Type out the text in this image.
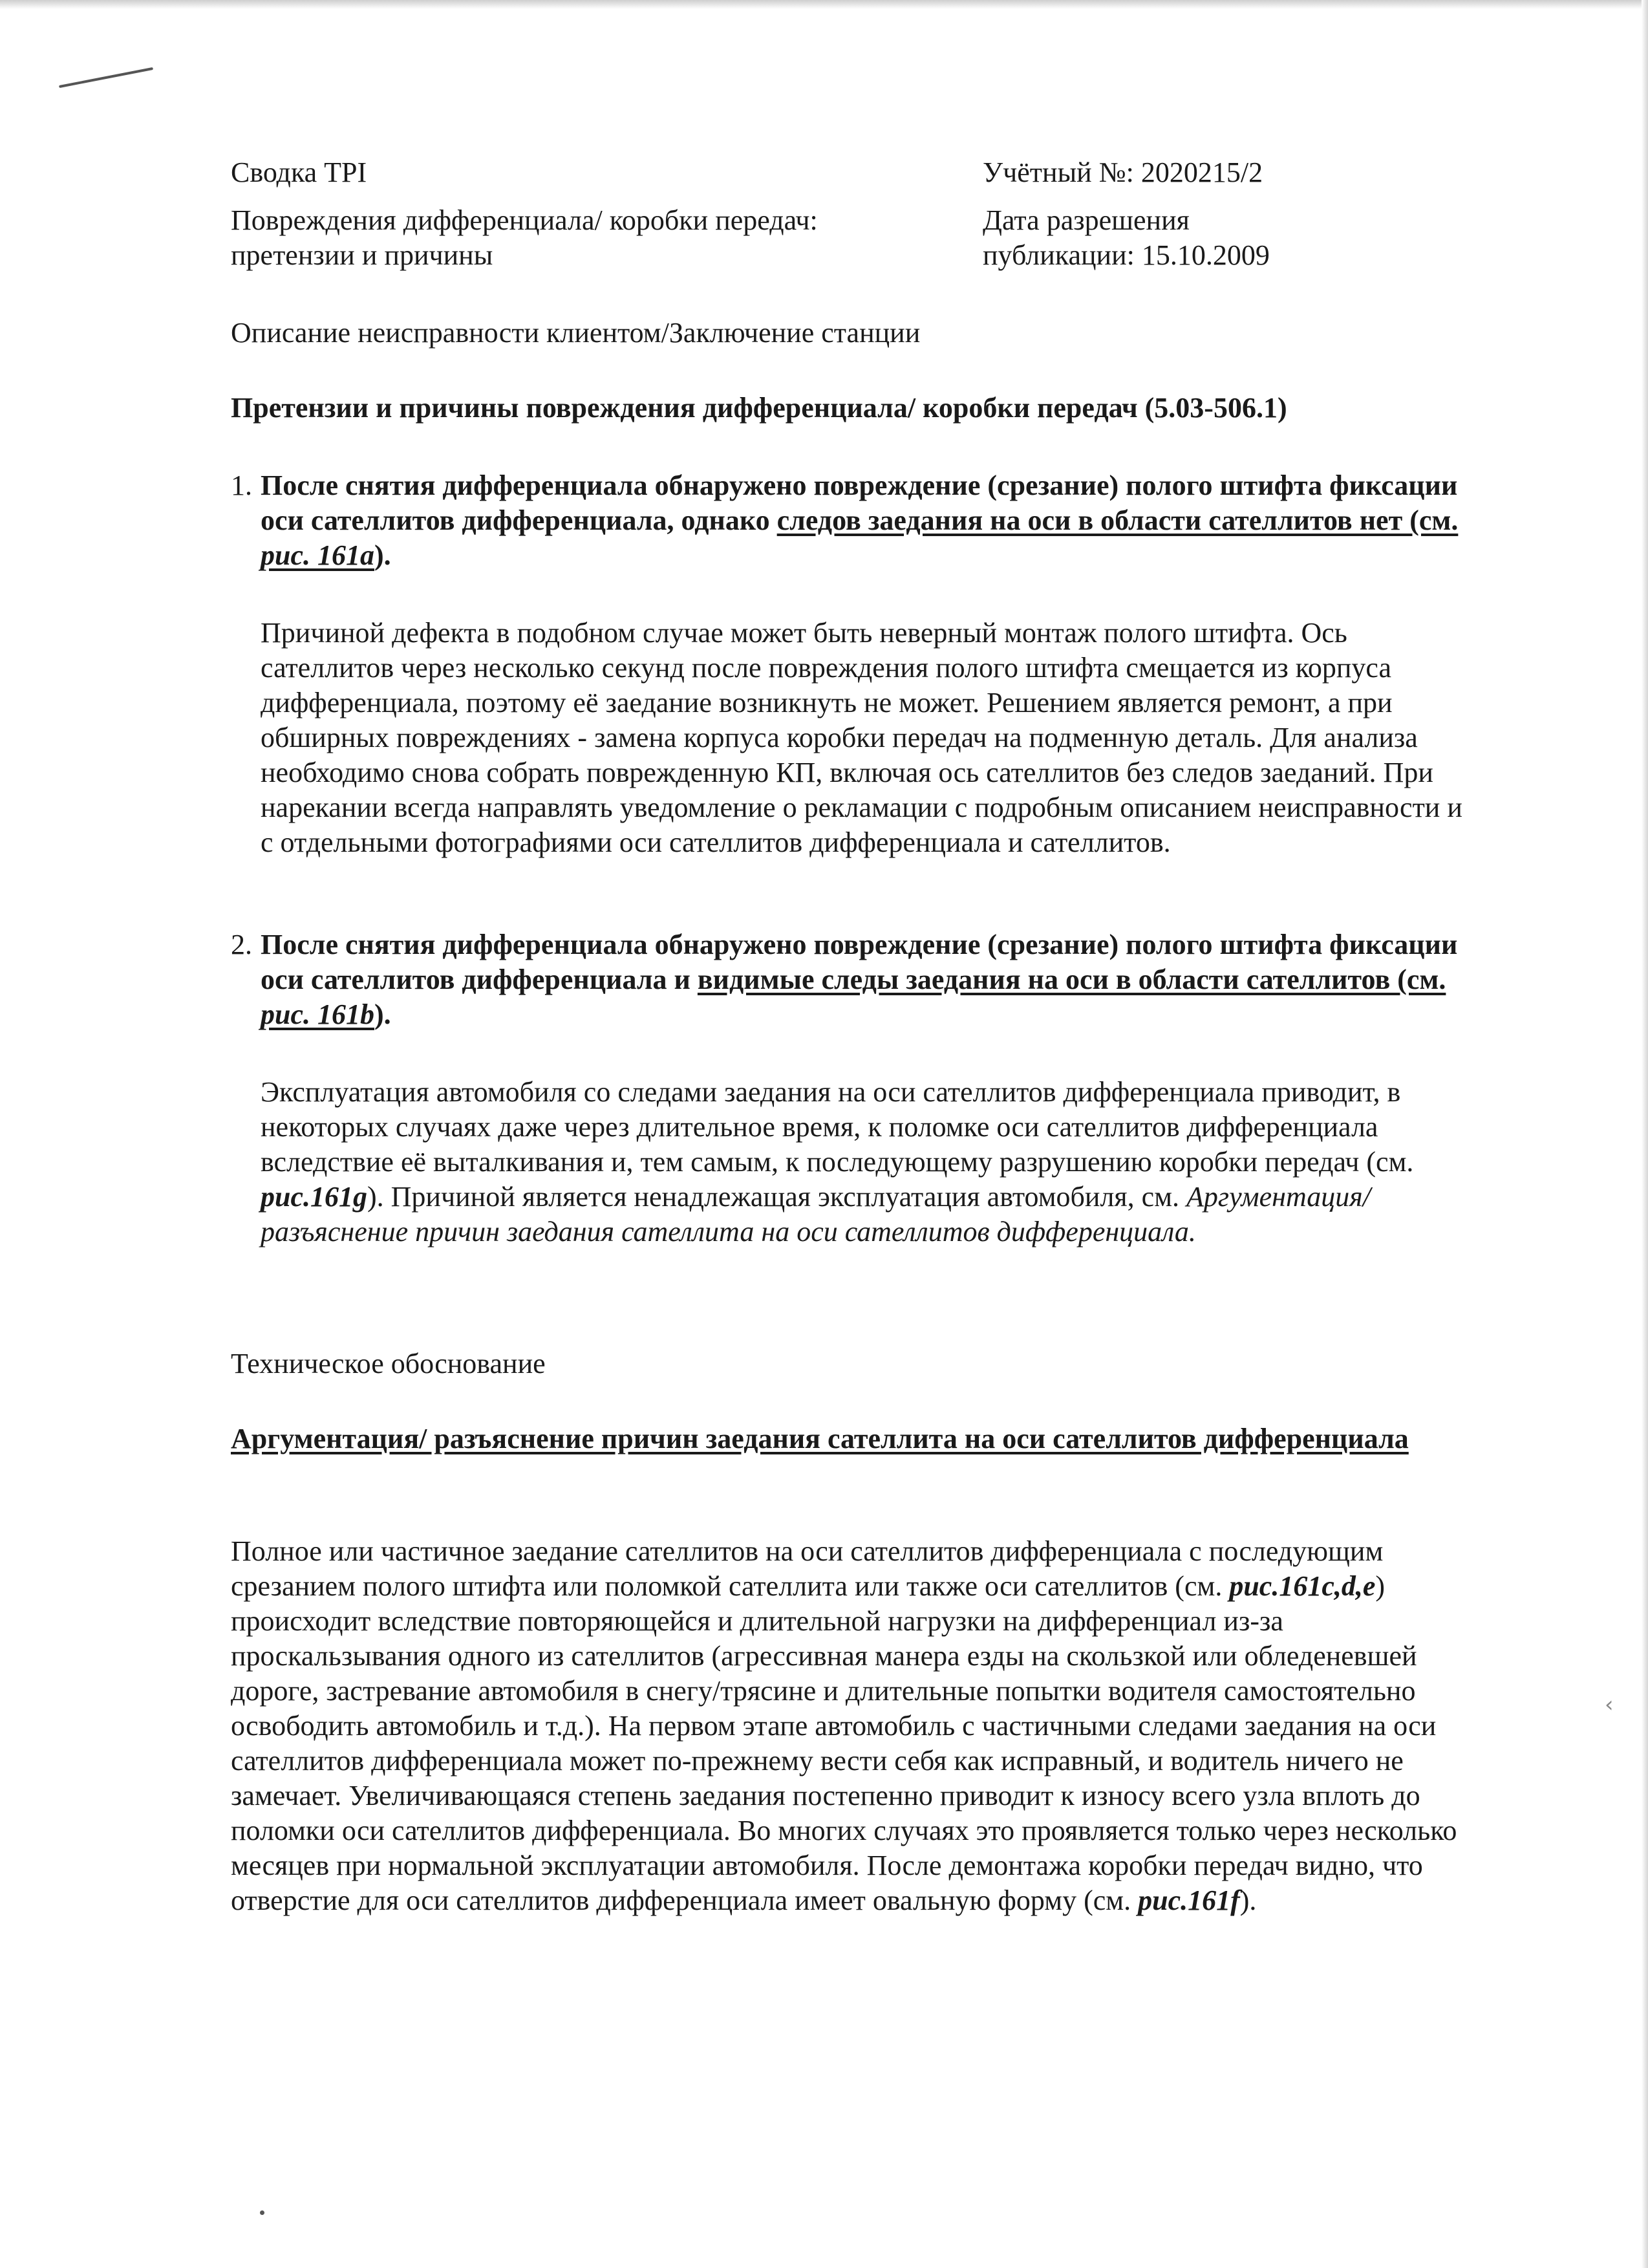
‹
Сводка TPI
Повреждения дифференциала/ коробки передач:
претензии и причины
Учётный №: 2020215/2
Дата разрешения
публикации: 15.10.2009
Описание неисправности клиентом/Заключение станции
Претензии и причины повреждения дифференциала/ коробки передач (5.03-506.1)
1. После снятия дифференциала обнаружено повреждение (срезание) полого штифта фиксации оси сателлитов дифференциала, однако следов заедания на оси в области сателлитов нет (см. рис. 161a).
Причиной дефекта в подобном случае может быть неверный монтаж полого штифта. Ось сателлитов через несколько секунд после повреждения полого штифта смещается из корпуса дифференциала, поэтому её заедание возникнуть не может. Решением является ремонт, а при обширных повреждениях - замена корпуса коробки передач на подменную деталь. Для анализа необходимо снова собрать поврежденную КП, включая ось сателлитов без следов заеданий. При нарекании всегда направлять уведомление о рекламации с подробным описанием неисправности и с отдельными фотографиями оси сателлитов дифференциала и сателлитов.
2. После снятия дифференциала обнаружено повреждение (срезание) полого штифта фиксации оси сателлитов дифференциала и видимые следы заедания на оси в области сателлитов (см. рис. 161b).
Эксплуатация автомобиля со следами заедания на оси сателлитов дифференциала приводит, в некоторых случаях даже через длительное время, к поломке оси сателлитов дифференциала вследствие её выталкивания и, тем самым, к последующему разрушению коробки передач (см. рис.161g). Причиной является ненадлежащая эксплуатация автомобиля, см. Аргументация/ разъяснение причин заедания сателлита на оси сателлитов дифференциала.
Техническое обоснование
Аргументация/ разъяснение причин заедания сателлита на оси сателлитов дифференциала
Полное или частичное заедание сателлитов на оси сателлитов дифференциала с последующим срезанием полого штифта или поломкой сателлита или также оси сателлитов (см. рис.161c,d,e) происходит вследствие повторяющейся и длительной нагрузки на дифференциал из-за проскальзывания одного из сателлитов (агрессивная манера езды на скользкой или обледеневшей дороге, застревание автомобиля в снегу/трясине и длительные попытки водителя самостоятельно освободить автомобиль и т.д.). На первом этапе автомобиль с частичными следами заедания на оси сателлитов дифференциала может по-прежнему вести себя как исправный, и водитель ничего не замечает. Увеличивающаяся степень заедания постепенно приводит к износу всего узла вплоть до поломки оси сателлитов дифференциала. Во многих случаях это проявляется только через несколько месяцев при нормальной эксплуатации автомобиля. После демонтажа коробки передач видно, что отверстие для оси сателлитов дифференциала имеет овальную форму (см. рис.161f).
